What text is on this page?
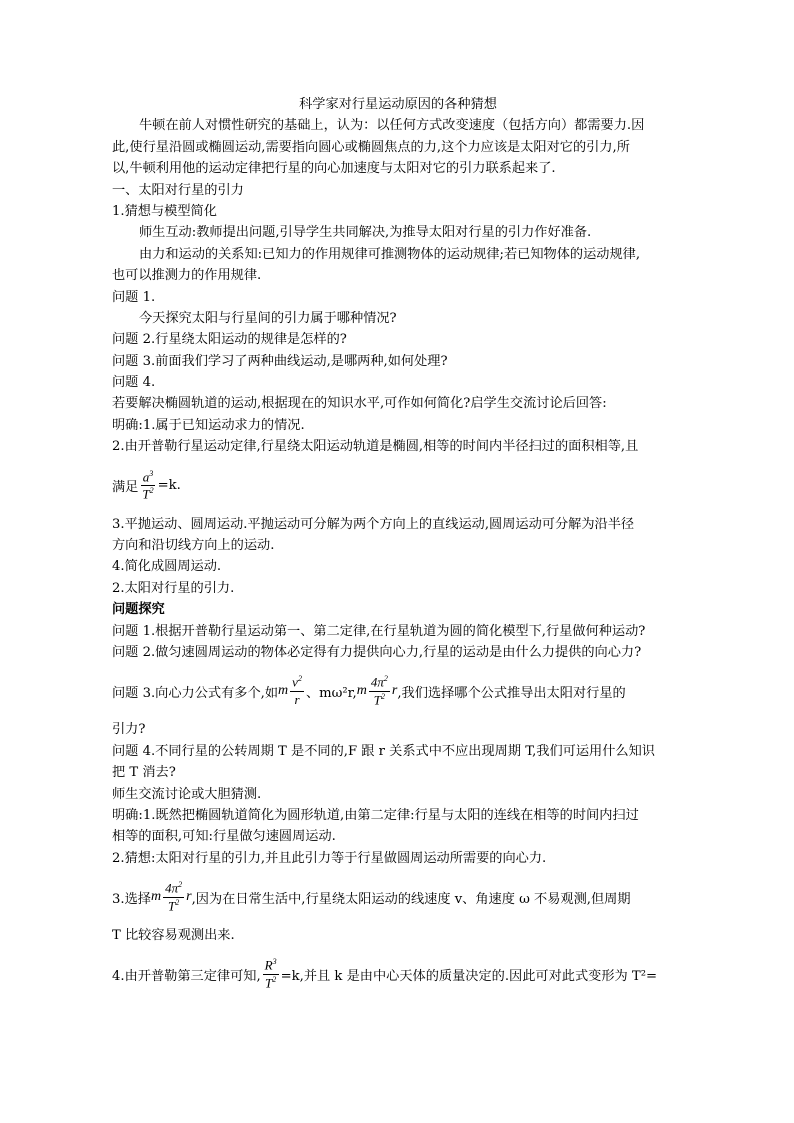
科学家对行星运动原因的各种猜想
牛顿在前人对惯性研究的基础上，认为：以任何方式改变速度（包括方向）都需要力.因
此,使行星沿圆或椭圆运动,需要指向圆心或椭圆焦点的力,这个力应该是太阳对它的引力,所
以,牛顿利用他的运动定律把行星的向心加速度与太阳对它的引力联系起来了.
一、太阳对行星的引力
1.猜想与模型简化
师生互动:教师提出问题,引导学生共同解决,为推导太阳对行星的引力作好准备.
由力和运动的关系知:已知力的作用规律可推测物体的运动规律;若已知物体的运动规律,
也可以推测力的作用规律.
问题 1.
今天探究太阳与行星间的引力属于哪种情况?
问题 2.行星绕太阳运动的规律是怎样的?
问题 3.前面我们学习了两种曲线运动,是哪两种,如何处理?
问题 4.
若要解决椭圆轨道的运动,根据现在的知识水平,可作如何简化?启学生交流讨论后回答:
明确:1.属于已知运动求力的情况.
2.由开普勒行星运动定律,行星绕太阳运动轨道是椭圆,相等的时间内半径扫过的面积相等,且
满足 $\frac{a^3}{T^2} =k$.
3.平抛运动、圆周运动.平抛运动可分解为两个方向上的直线运动,圆周运动可分解为沿半径
方向和沿切线方向上的运动.
4.简化成圆周运动.
2.太阳对行星的引力.
问题探究
问题 1.根据开普勒行星运动第一、第二定律,在行星轨道为圆的简化模型下,行星做何种运动?
问题 2.做匀速圆周运动的物体必定得有力提供向心力,行星的运动是由什么力提供的向心力?
问题 3.向心力公式有多个,如 m $\frac{v^2}{r}$ 、mω²r, m $\frac{4\pi^2}{T^2}$ r ,我们选择哪个公式推导出太阳对行星的
引力?
问题 4.不同行星的公转周期 T 是不同的,F 跟 r 关系式中不应出现周期 T,我们可运用什么知识
把 T 消去?
师生交流讨论或大胆猜测.
明确:1.既然把椭圆轨道简化为圆形轨道,由第二定律:行星与太阳的连线在相等的时间内扫过
相等的面积,可知:行星做匀速圆周运动.
2.猜想:太阳对行星的引力,并且此引力等于行星做圆周运动所需要的向心力.
3.选择 m $\frac{4\pi^2}{T^2}$ r ,因为在日常生活中,行星绕太阳运动的线速度 v、角速度 ω 不易观测,但周期
T 比较容易观测出来.
4.由开普勒第三定律可知, $\frac{R^3}{T^2} =k$,并且 k 是由中心天体的质量决定的.因此可对此式变形为 T²=
